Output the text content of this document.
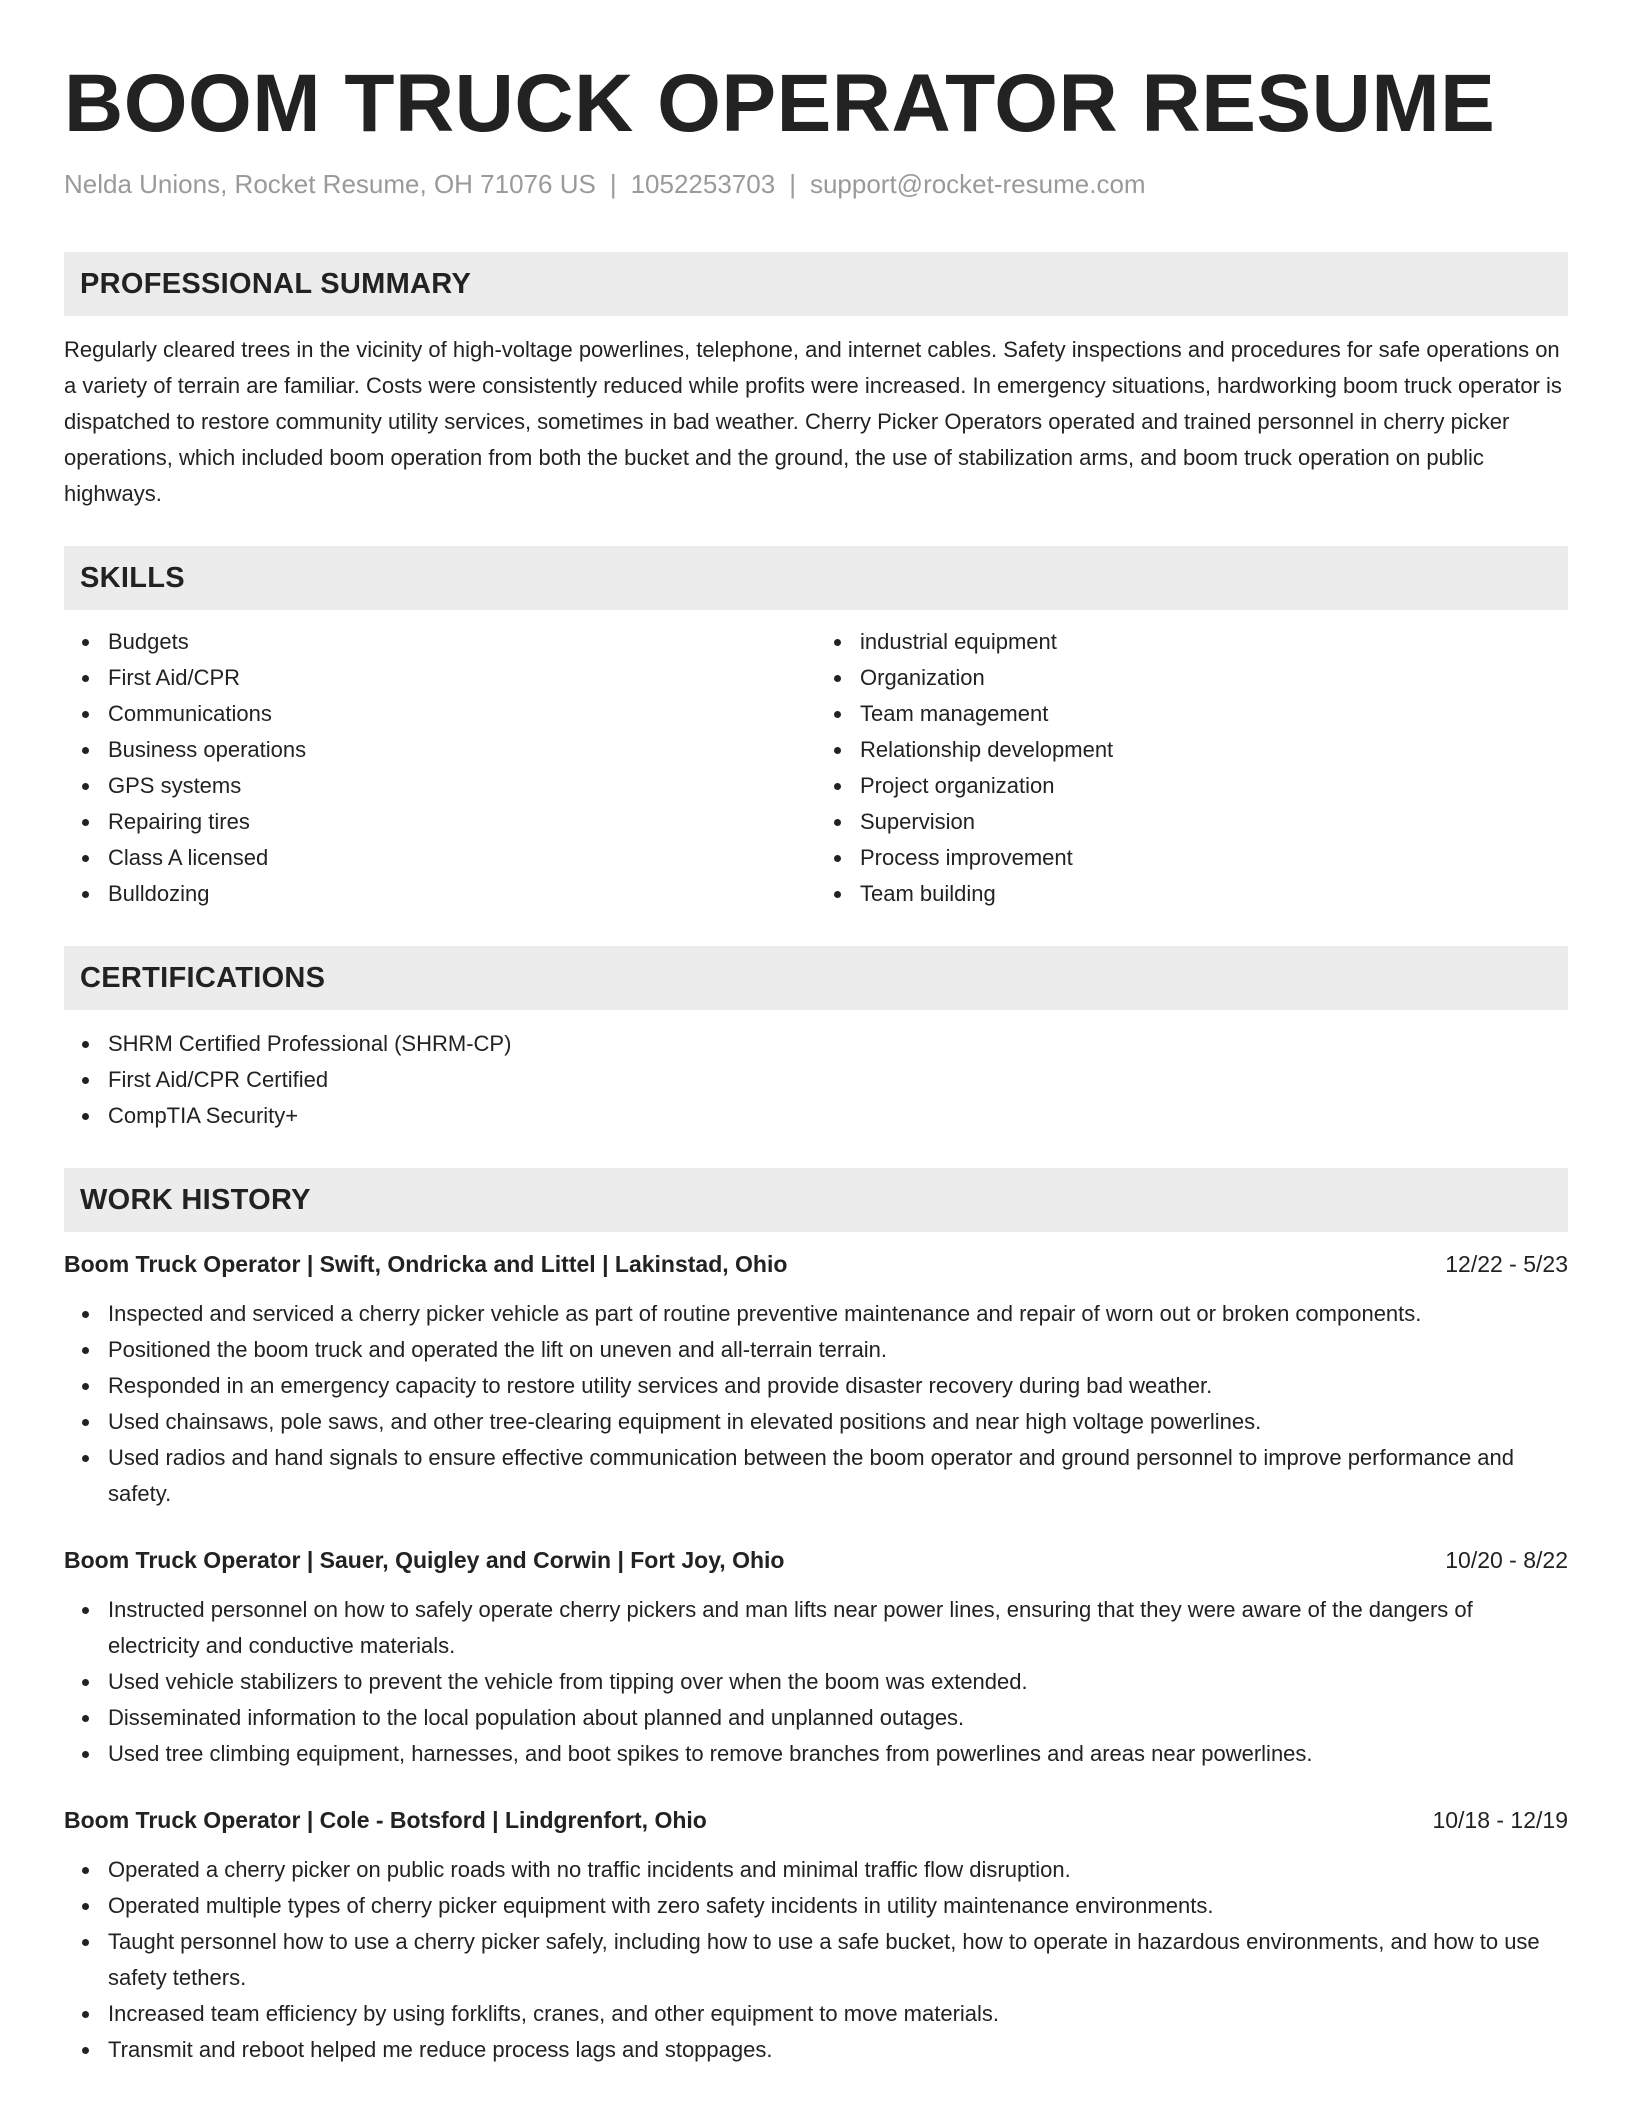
BOOM TRUCK OPERATOR RESUME
Nelda Unions, Rocket Resume, OH 71076 US | 1052253703 | support@rocket-resume.com
PROFESSIONAL SUMMARY

Regularly cleared trees in the vicinity of high-voltage powerlines, telephone, and internet cables. Safety inspections and procedures for safe operations on a variety of terrain are familiar. Costs were consistently reduced while profits were increased. In emergency situations, hardworking boom truck operator is dispatched to restore community utility services, sometimes in bad weather. Cherry Picker Operators operated and trained personnel in cherry picker operations, which included boom operation from both the bucket and the ground, the use of stabilization arms, and boom truck operation on public highways.

SKILLS
Budgets
First Aid/CPR
Communications
Business operations
GPS systems
Repairing tires
Class A licensed
Bulldozing
industrial equipment
Organization
Team management
Relationship development
Project organization
Supervision
Process improvement
Team building
CERTIFICATIONS
SHRM Certified Professional (SHRM-CP)
First Aid/CPR Certified
CompTIA Security+
WORK HISTORY
Boom Truck Operator | Swift, Ondricka and Littel | Lakinstad, Ohio	12/22 - 5/23
Inspected and serviced a cherry picker vehicle as part of routine preventive maintenance and repair of worn out or broken components.
Positioned the boom truck and operated the lift on uneven and all-terrain terrain.
Responded in an emergency capacity to restore utility services and provide disaster recovery during bad weather.
Used chainsaws, pole saws, and other tree-clearing equipment in elevated positions and near high voltage powerlines.
Used radios and hand signals to ensure effective communication between the boom operator and ground personnel to improve performance and safety.
Boom Truck Operator | Sauer, Quigley and Corwin | Fort Joy, Ohio	10/20 - 8/22
Instructed personnel on how to safely operate cherry pickers and man lifts near power lines, ensuring that they were aware of the dangers of electricity and conductive materials.
Used vehicle stabilizers to prevent the vehicle from tipping over when the boom was extended.
Disseminated information to the local population about planned and unplanned outages.
Used tree climbing equipment, harnesses, and boot spikes to remove branches from powerlines and areas near powerlines.
Boom Truck Operator | Cole - Botsford | Lindgrenfort, Ohio	10/18 - 12/19
Operated a cherry picker on public roads with no traffic incidents and minimal traffic flow disruption.
Operated multiple types of cherry picker equipment with zero safety incidents in utility maintenance environments.
Taught personnel how to use a cherry picker safely, including how to use a safe bucket, how to operate in hazardous environments, and how to use safety tethers.
Increased team efficiency by using forklifts, cranes, and other equipment to move materials.
Transmit and reboot helped me reduce process lags and stoppages.
